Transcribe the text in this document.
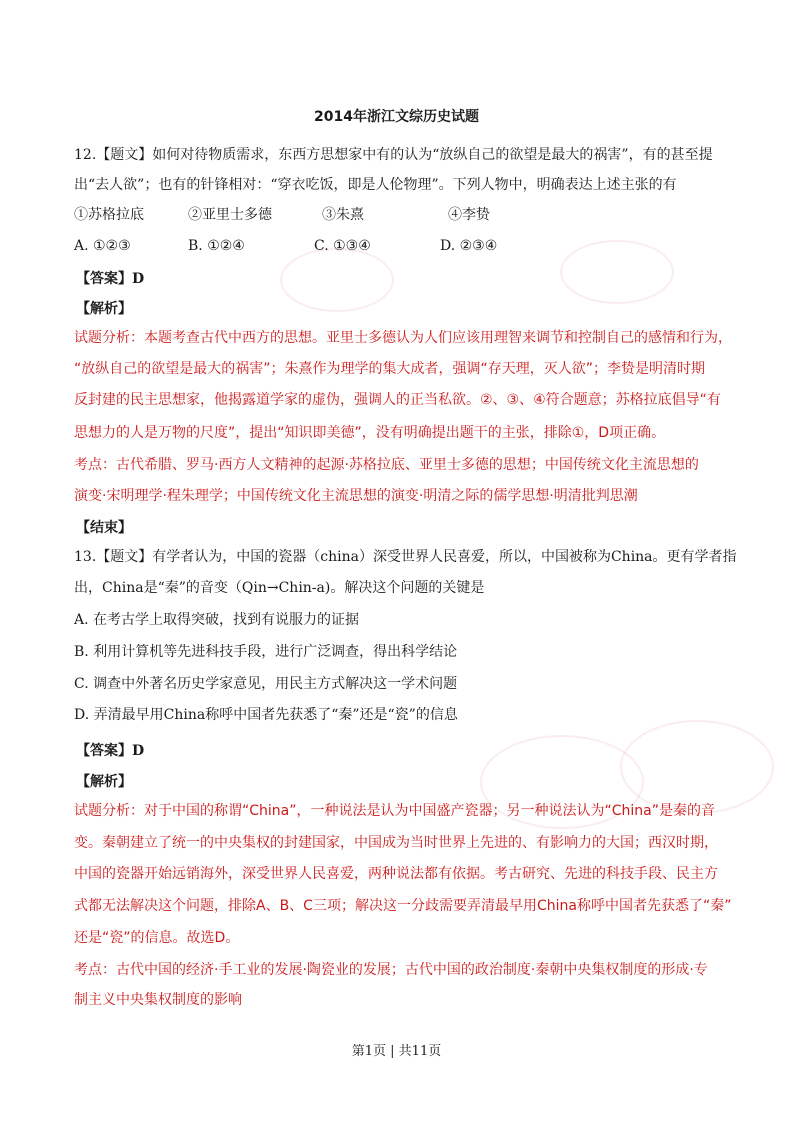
2014年浙江文综历史试题
12.【题文】如何对待物质需求，东西方思想家中有的认为“放纵自己的欲望是最大的祸害”，有的甚至提
出“去人欲”；也有的针锋相对：“穿衣吃饭，即是人伦物理”。下列人物中，明确表达上述主张的有
①苏格拉底	②亚里士多德	③朱熹	④李贽
A. ①②③	B. ①②④	C. ①③④	D. ②③④
【答案】D
【解析】
试题分析：本题考查古代中西方的思想。亚里士多德认为人们应该用理智来调节和控制自己的感情和行为，
“放纵自己的欲望是最大的祸害”；朱熹作为理学的集大成者，强调“存天理，灭人欲”；李贽是明清时期
反封建的民主思想家，他揭露道学家的虚伪，强调人的正当私欲。②、③、④符合题意；苏格拉底倡导“有
思想力的人是万物的尺度”，提出“知识即美德”，没有明确提出题干的主张，排除①，D项正确。
考点：古代希腊、罗马·西方人文精神的起源·苏格拉底、亚里士多德的思想；中国传统文化主流思想的
演变·宋明理学·程朱理学；中国传统文化主流思想的演变·明清之际的儒学思想·明清批判思潮
【结束】
13.【题文】有学者认为，中国的瓷器（china）深受世界人民喜爱，所以，中国被称为China。更有学者指
出，China是“秦”的音变（Qin→Chin-a)。解决这个问题的关键是
A. 在考古学上取得突破，找到有说服力的证据
B. 利用计算机等先进科技手段，进行广泛调查，得出科学结论
C. 调查中外著名历史学家意见，用民主方式解决这一学术问题
D. 弄清最早用China称呼中国者先获悉了“秦”还是“瓷”的信息
【答案】D
【解析】
试题分析：对于中国的称谓“China”，一种说法是认为中国盛产瓷器；另一种说法认为“China”是秦的音
变。秦朝建立了统一的中央集权的封建国家，中国成为当时世界上先进的、有影响力的大国；西汉时期，
中国的瓷器开始远销海外，深受世界人民喜爱，两种说法都有依据。考古研究、先进的科技手段、民主方
式都无法解决这个问题，排除A、B、C三项；解决这一分歧需要弄清最早用China称呼中国者先获悉了“秦”
还是“瓷”的信息。故选D。
考点：古代中国的经济·手工业的发展·陶瓷业的发展；古代中国的政治制度·秦朝中央集权制度的形成·专
制主义中央集权制度的影响
第1页 | 共11页
